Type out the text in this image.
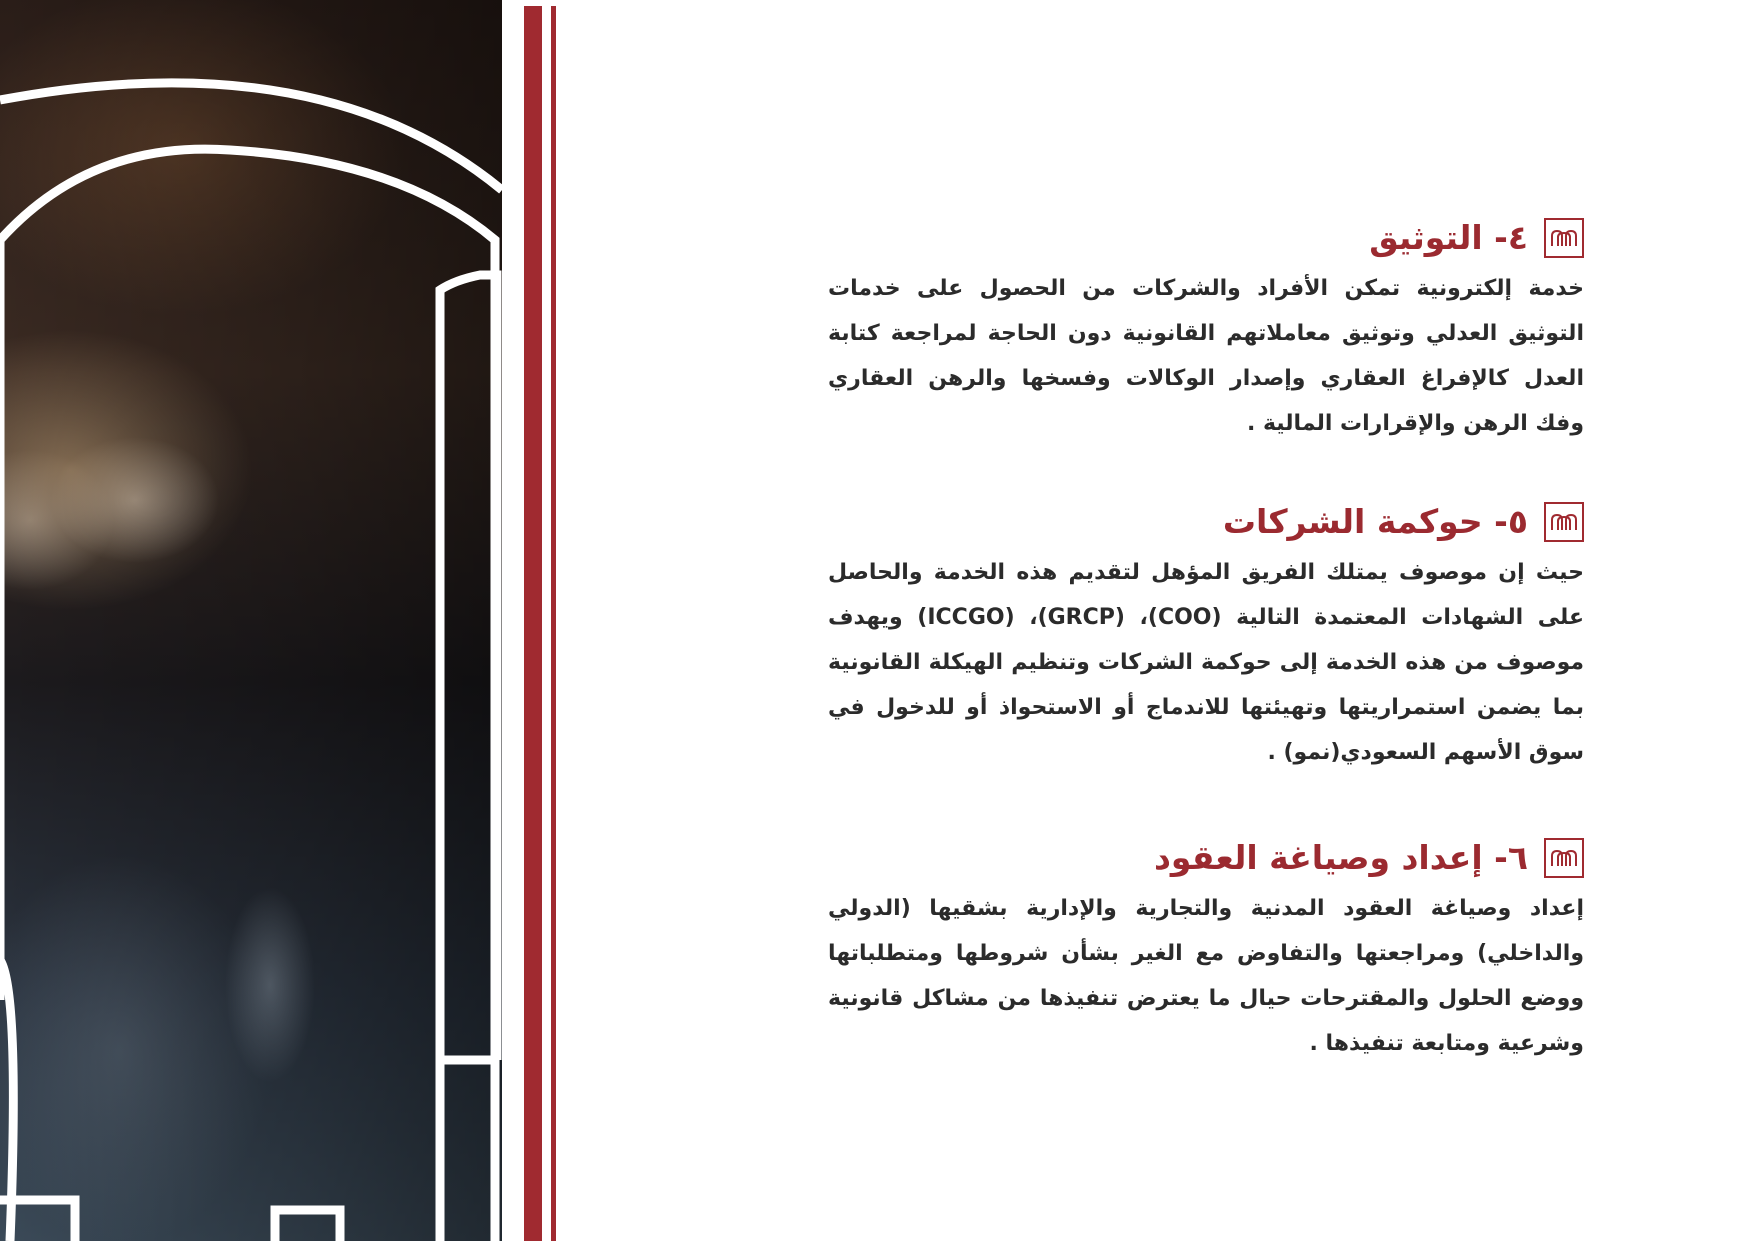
٤- التوثيق
خدمة إلكترونية تمكن الأفراد والشركات من الحصول على خدمات التوثيق العدلي وتوثيق معاملاتهم القانونية دون الحاجة لمراجعة كتابة العدل كالإفراغ العقاري وإصدار الوكالات وفسخها والرهن العقاري وفك الرهن والإقرارات المالية .
٥- حوكمة الشركات
حيث إن موصوف يمتلك الفريق المؤهل لتقديم هذه الخدمة والحاصل على الشهادات المعتمدة التالية (COO)، (GRCP)، (ICCGO) ويهدف موصوف من هذه الخدمة إلى حوكمة الشركات وتنظيم الهيكلة القانونية بما يضمن استمراريتها وتهيئتها للاندماج أو الاستحواذ أو للدخول في سوق الأسهم السعودي(نمو) .
٦- إعداد وصياغة العقود
إعداد وصياغة العقود المدنية والتجارية والإدارية بشقيها (الدولي والداخلي) ومراجعتها والتفاوض مع الغير بشأن شروطها ومتطلباتها ووضع الحلول والمقترحات حيال ما يعترض تنفيذها من مشاكل قانونية وشرعية ومتابعة تنفيذها .
